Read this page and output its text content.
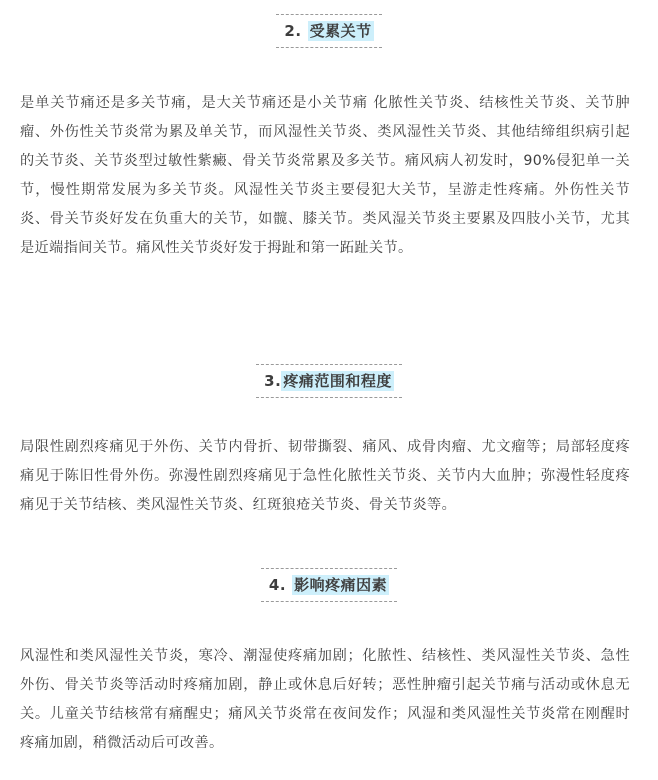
2. 受累关节

是单关节痛还是多关节痛，是大关节痛还是小关节痛 化脓性关节炎、结核性关节炎、关节肿瘤、外伤性关节炎常为累及单关节，而风湿性关节炎、类风湿性关节炎、其他结缔组织病引起的关节炎、关节炎型过敏性紫癜、骨关节炎常累及多关节。痛风病人初发时，90%侵犯单一关节，慢性期常发展为多关节炎。风湿性关节炎主要侵犯大关节，呈游走性疼痛。外伤性关节炎、骨关节炎好发在负重大的关节，如髋、膝关节。类风湿关节炎主要累及四肢小关节，尤其是近端指间关节。痛风性关节炎好发于拇趾和第一跖趾关节。

3. 疼痛范围和程度

局限性剧烈疼痛见于外伤、关节内骨折、韧带撕裂、痛风、成骨肉瘤、尤文瘤等；局部轻度疼痛见于陈旧性骨外伤。弥漫性剧烈疼痛见于急性化脓性关节炎、关节内大血肿；弥漫性轻度疼痛见于关节结核、类风湿性关节炎、红斑狼疮关节炎、骨关节炎等。

4. 影响疼痛因素

风湿性和类风湿性关节炎，寒冷、潮湿使疼痛加剧；化脓性、结核性、类风湿性关节炎、急性外伤、骨关节炎等活动时疼痛加剧，静止或休息后好转；恶性肿瘤引起关节痛与活动或休息无关。儿童关节结核常有痛醒史；痛风关节炎常在夜间发作；风湿和类风湿性关节炎常在刚醒时疼痛加剧，稍微活动后可改善。
